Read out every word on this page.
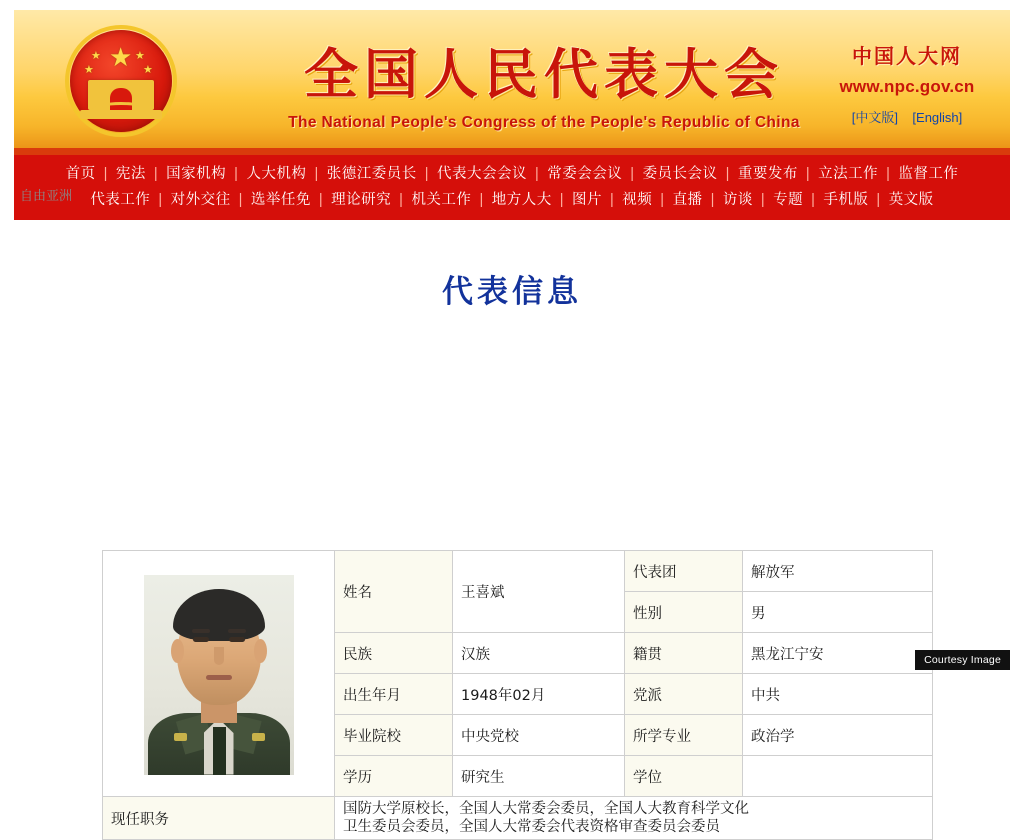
★
★
★
★
★	全国人民代表大会
The National People's Congress of the People's Republic of China
中国人大网
www.npc.gov.cn
[中文版] [English]
首页 | 宪法 | 国家机构 | 人大机构 | 张德江委员长 | 代表大会会议 | 常委会会议 | 委员长会议 | 重要发布 | 立法工作 | 监督工作
代表工作 | 对外交往 | 选举任免 | 理论研究 | 机关工作 | 地方人大 | 图片 | 视频 | 直播 | 访谈 | 专题 | 手机版 | 英文版
自由亚洲
代表信息
	姓名	王喜斌	代表团	解放军
			性别	男
	民族	汉族	籍贯	黑龙江宁安
	出生年月	1948年02月	党派	中共
	毕业院校	中央党校	所学专业	政治学
	学历	研究生	学位	
现任职务	国防大学原校长，全国人大常委会委员，全国人大教育科学文化
卫生委员会委员，全国人大常委会代表资格审查委员会委员			
Courtesy Image
